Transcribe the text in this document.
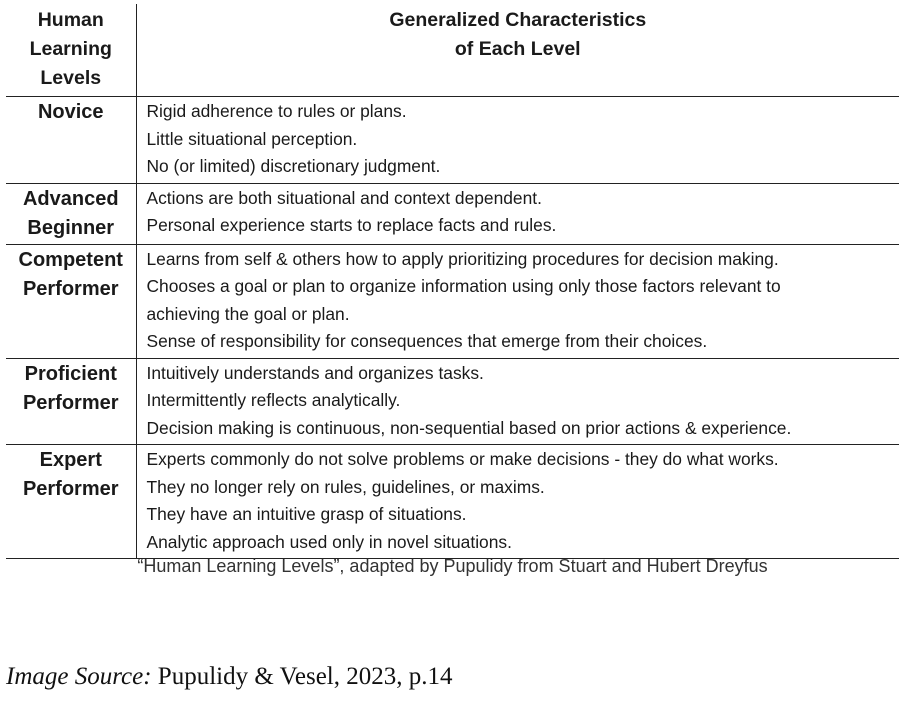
Human
Learning
Levels	Generalized Characteristics
of Each Level

Novice	Rigid adherence to rules or plans.
Little situational perception.
No (or limited) discretionary judgment.

Advanced
Beginner	Actions are both situational and context dependent.
Personal experience starts to replace facts and rules.

Competent
Performer	Learns from self & others how to apply prioritizing procedures for decision making.
Chooses a goal or plan to organize information using only those factors relevant to
achieving the goal or plan.
Sense of responsibility for consequences that emerge from their choices.

Proficient
Performer	Intuitively understands and organizes tasks.
Intermittently reflects analytically.
Decision making is continuous, non-sequential based on prior actions & experience.

Expert
Performer	Experts commonly do not solve problems or make decisions - they do what works.
They no longer rely on rules, guidelines, or maxims.
They have an intuitive grasp of situations.
Analytic approach used only in novel situations.
“Human Learning Levels”, adapted by Pupulidy from Stuart and Hubert Dreyfus
Image Source: Pupulidy & Vesel, 2023, p.14
